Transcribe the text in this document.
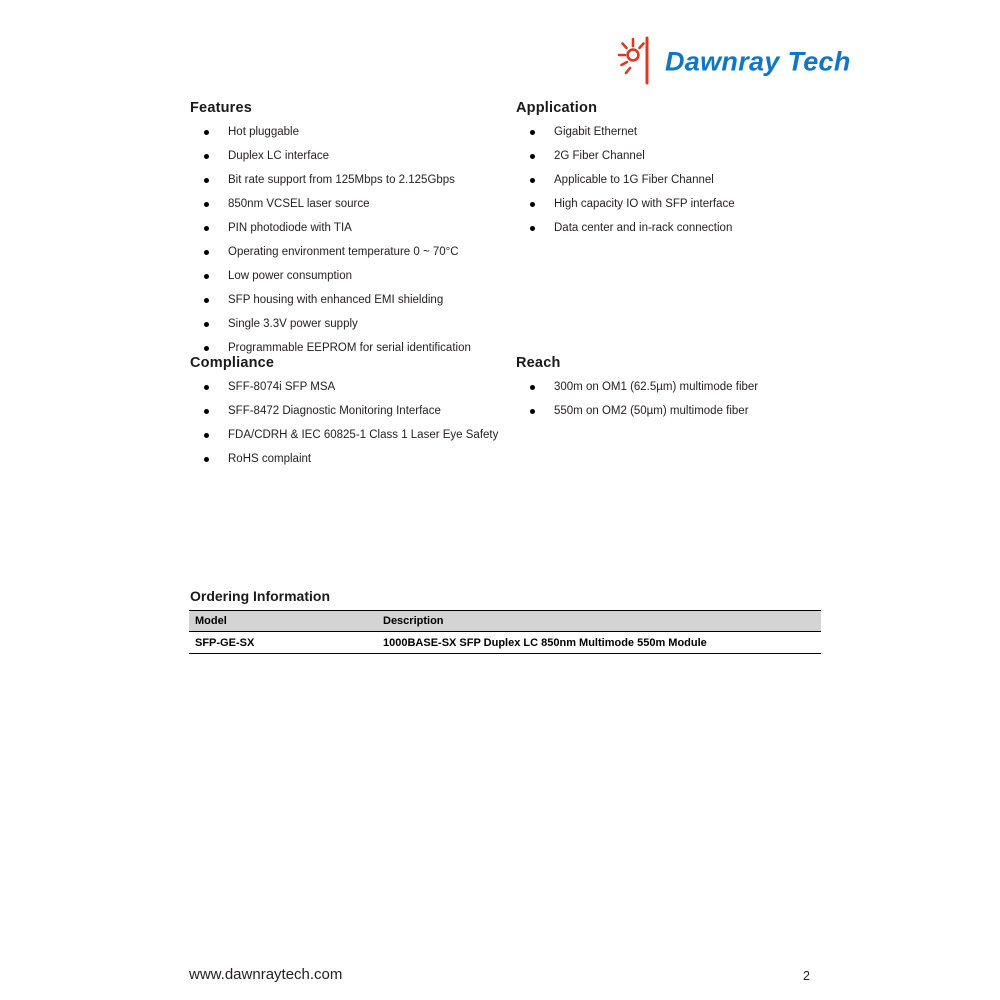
Dawnray Tech
Features
Hot pluggable
Duplex LC interface
Bit rate support from 125Mbps to 2.125Gbps
850nm VCSEL laser source
PIN photodiode with TIA
Operating environment temperature 0 ~ 70°C
Low power consumption
SFP housing with enhanced EMI shielding
Single 3.3V power supply
Programmable EEPROM for serial identification
Application
Gigabit Ethernet
2G Fiber Channel
Applicable to 1G Fiber Channel
High capacity IO with SFP interface
Data center and in-rack connection
Compliance
SFF-8074i SFP MSA
SFF-8472 Diagnostic Monitoring Interface
FDA/CDRH & IEC 60825-1 Class 1 Laser Eye Safety
RoHS complaint
Reach
300m on OM1 (62.5µm) multimode fiber
550m on OM2 (50µm) multimode fiber
Ordering Information
Model	Description
SFP-GE-SX	1000BASE-SX SFP Duplex LC 850nm Multimode 550m Module
www.dawnraytech.com	2
